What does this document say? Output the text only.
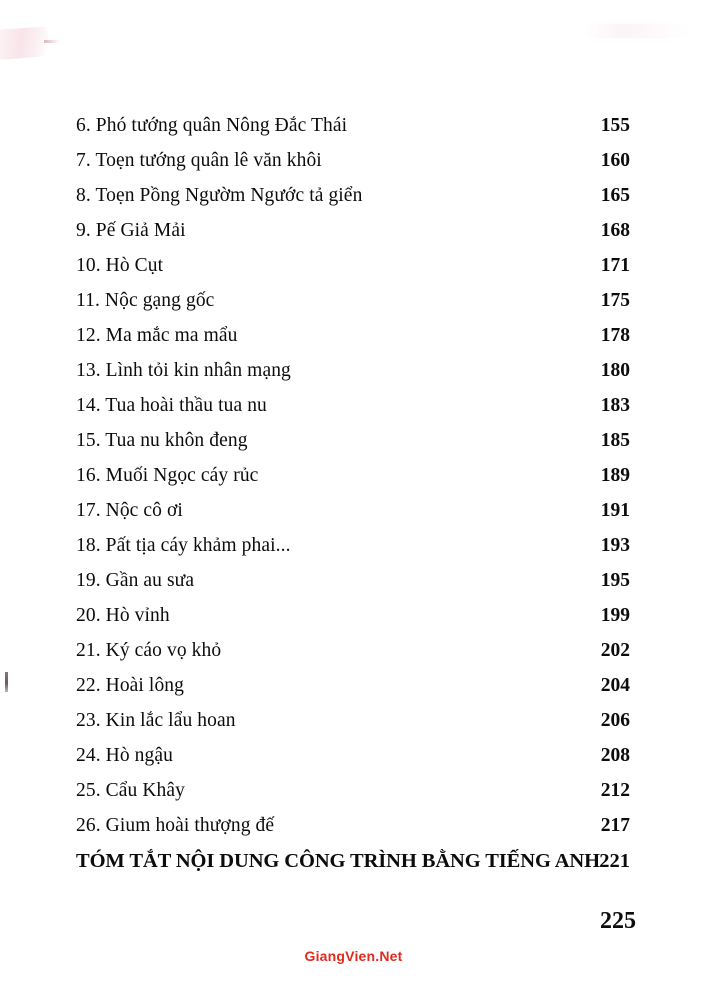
6. Phó tướng quân Nông Đắc Thái	155
7. Toẹn tướng quân lê văn khôi	160
8. Toẹn Pồng Ngườm Ngước tả giển	165
9. Pế Giả Mải	168
10. Hò Cụt	171
11. Nộc gạng gốc	175
12. Ma mắc ma mẩu	178
13. Lình tỏi kin nhân mạng	180
14. Tua hoài thầu tua nu	183
15. Tua nu khôn đeng	185
16. Muối Ngọc cáy rủc	189
17. Nộc cô ơi	191
18. Pất tịa cáy khảm phai...	193
19. Gần au sưa	195
20. Hò vỉnh	199
21. Ký cáo vọ khỏ	202
22. Hoài lông	204
23. Kin lắc lẩu hoan	206
24. Hò ngậu	208
25. Cẩu Khây	212
26. Gium hoài thượng đế	217
TÓM TẮT NỘI DUNG CÔNG TRÌNH BẰNG TIẾNG ANH 221
225
GiangVien.Net
